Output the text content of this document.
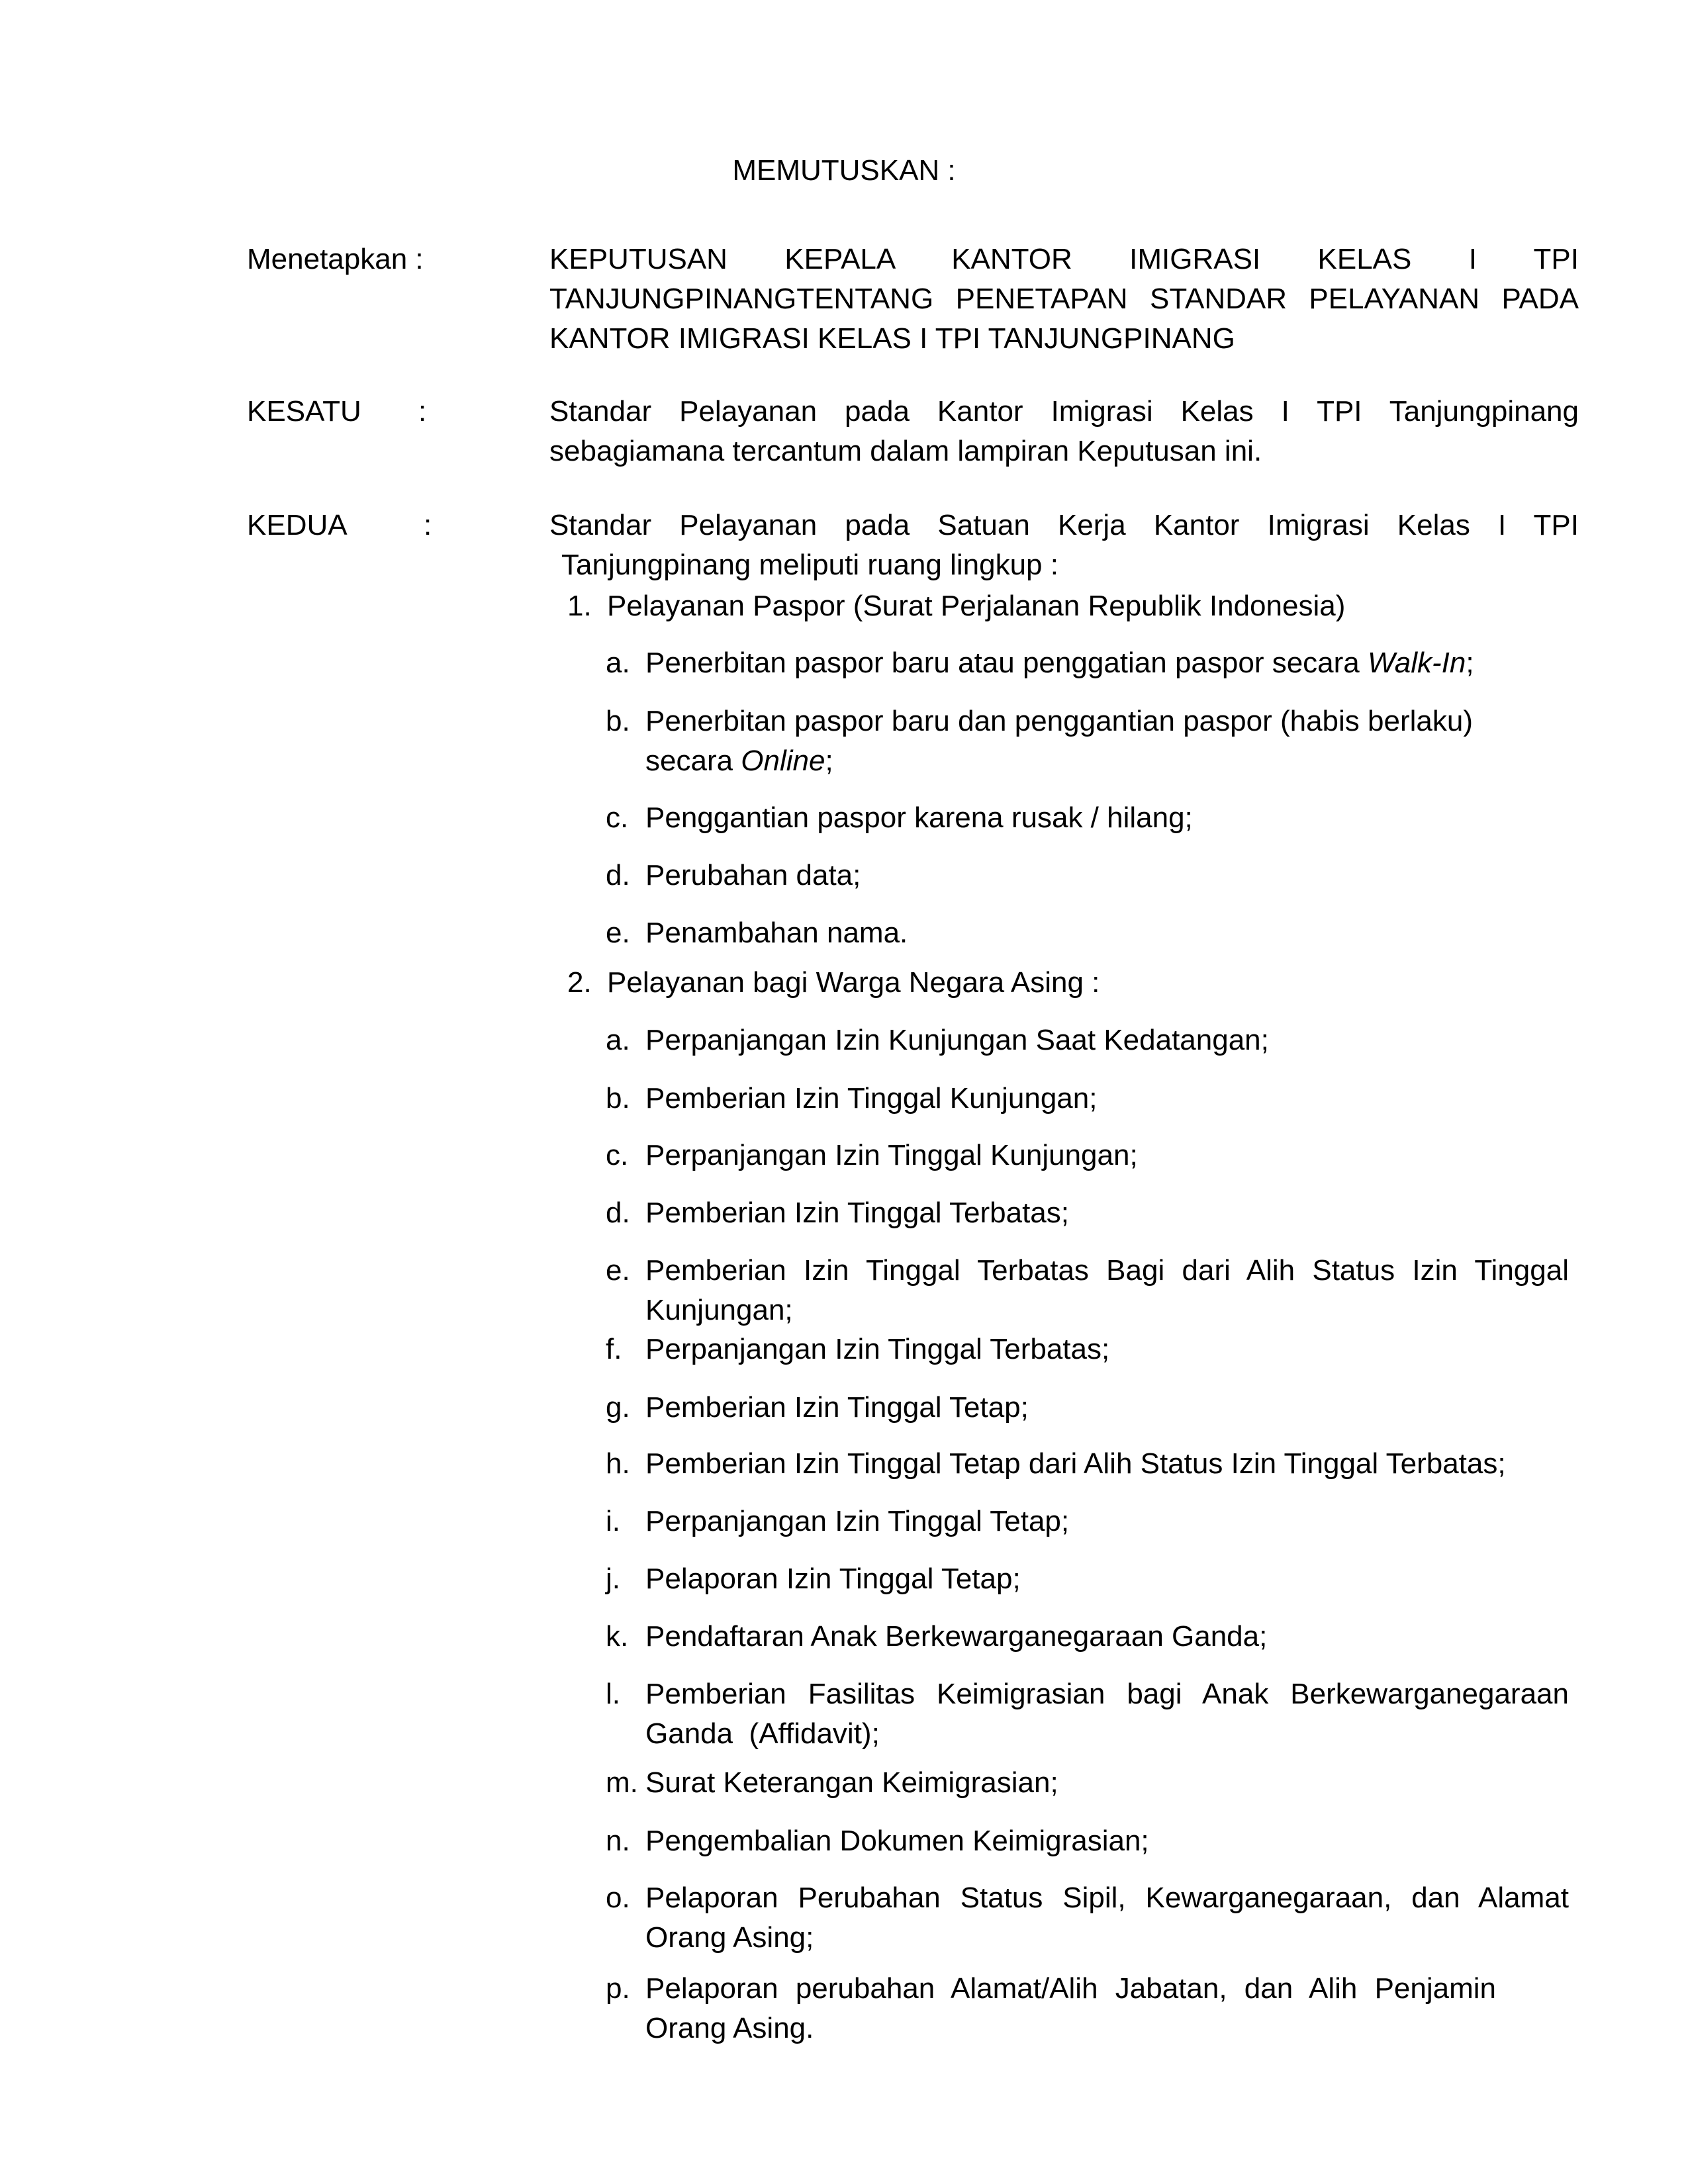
MEMUTUSKAN :
Menetapkan :	KEPUTUSAN KEPALA KANTOR IMIGRASI KELAS I TPI
TANJUNGPINANGTENTANG PENETAPAN STANDAR PELAYANAN PADA
KANTOR IMIGRASI KELAS I TPI TANJUNGPINANG
KESATU :	Standar Pelayanan pada Kantor Imigrasi Kelas I TPI Tanjungpinang
sebagiamana tercantum dalam lampiran Keputusan ini.
KEDUA	:	Standar Pelayanan pada Satuan Kerja Kantor Imigrasi Kelas I TPI
Tanjungpinang meliputi ruang lingkup :
1. Pelayanan Paspor (Surat Perjalanan Republik Indonesia)
a. Penerbitan paspor baru atau penggatian paspor secara Walk-In;
b. Penerbitan paspor baru dan penggantian paspor (habis berlaku)
secara Online;
c. Penggantian paspor karena rusak / hilang;
d. Perubahan data;
e. Penambahan nama.
2. Pelayanan bagi Warga Negara Asing :
a. Perpanjangan Izin Kunjungan Saat Kedatangan;
b. Pemberian Izin Tinggal Kunjungan;
c. Perpanjangan Izin Tinggal Kunjungan;
d. Pemberian Izin Tinggal Terbatas;
e. Pemberian Izin Tinggal Terbatas Bagi dari Alih Status Izin Tinggal
Kunjungan;
f. Perpanjangan Izin Tinggal Terbatas;
g. Pemberian Izin Tinggal Tetap;
h. Pemberian Izin Tinggal Tetap dari Alih Status Izin Tinggal Terbatas;
i. Perpanjangan Izin Tinggal Tetap;
j. Pelaporan Izin Tinggal Tetap;
k. Pendaftaran Anak Berkewarganegaraan Ganda;
l. Pemberian Fasilitas Keimigrasian bagi Anak Berkewarganegaraan
Ganda  (Affidavit);
m. Surat Keterangan Keimigrasian;
n. Pengembalian Dokumen Keimigrasian;
o. Pelaporan Perubahan Status Sipil, Kewarganegaraan, dan Alamat
Orang Asing;
p. Pelaporan perubahan Alamat/Alih Jabatan, dan Alih Penjamin
Orang Asing.
